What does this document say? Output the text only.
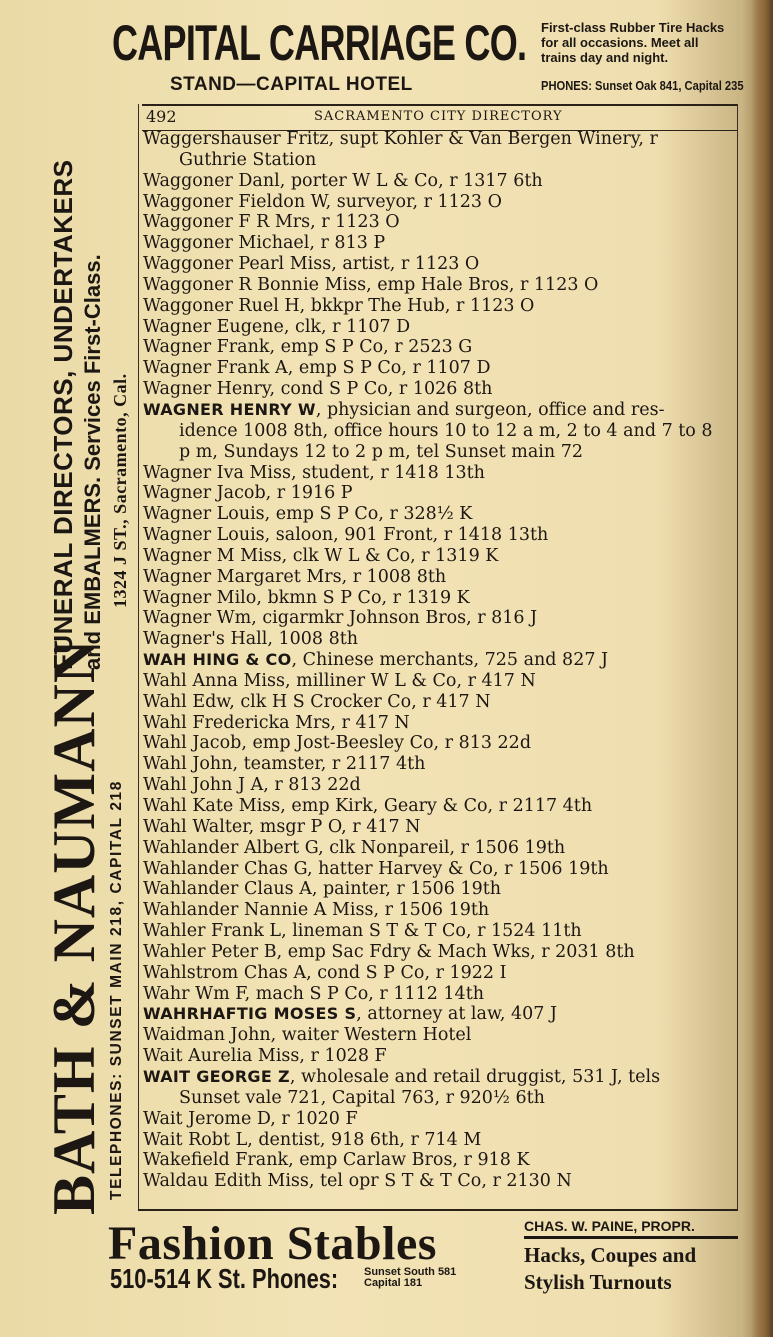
CAPITAL CARRIAGE CO.
STAND—CAPITAL HOTEL
First-class Rubber Tire Hacks
for all occasions. Meet all
trains day and night.
PHONES: Sunset Oak 841, Capital 235
492	SACRAMENTO CITY DIRECTORY
Waggershauser Fritz, supt Kohler & Van Bergen Winery, r
Guthrie Station
Waggoner Danl, porter W L & Co, r 1317 6th
Waggoner Fieldon W, surveyor, r 1123 O
Waggoner F R Mrs, r 1123 O
Waggoner Michael, r 813 P
Waggoner Pearl Miss, artist, r 1123 O
Waggoner R Bonnie Miss, emp Hale Bros, r 1123 O
Waggoner Ruel H, bkkpr The Hub, r 1123 O
Wagner Eugene, clk, r 1107 D
Wagner Frank, emp S P Co, r 2523 G
Wagner Frank A, emp S P Co, r 1107 D
Wagner Henry, cond S P Co, r 1026 8th
WAGNER HENRY W, physician and surgeon, office and res-
idence 1008 8th, office hours 10 to 12 a m, 2 to 4 and 7 to 8
p m, Sundays 12 to 2 p m, tel Sunset main 72
Wagner Iva Miss, student, r 1418 13th
Wagner Jacob, r 1916 P
Wagner Louis, emp S P Co, r 328½ K
Wagner Louis, saloon, 901 Front, r 1418 13th
Wagner M Miss, clk W L & Co, r 1319 K
Wagner Margaret Mrs, r 1008 8th
Wagner Milo, bkmn S P Co, r 1319 K
Wagner Wm, cigarmkr Johnson Bros, r 816 J
Wagner's Hall, 1008 8th
WAH HING & CO, Chinese merchants, 725 and 827 J
Wahl Anna Miss, milliner W L & Co, r 417 N
Wahl Edw, clk H S Crocker Co, r 417 N
Wahl Fredericka Mrs, r 417 N
Wahl Jacob, emp Jost-Beesley Co, r 813 22d
Wahl John, teamster, r 2117 4th
Wahl John J A, r 813 22d
Wahl Kate Miss, emp Kirk, Geary & Co, r 2117 4th
Wahl Walter, msgr P O, r 417 N
Wahlander Albert G, clk Nonpareil, r 1506 19th
Wahlander Chas G, hatter Harvey & Co, r 1506 19th
Wahlander Claus A, painter, r 1506 19th
Wahlander Nannie A Miss, r 1506 19th
Wahler Frank L, lineman S T & T Co, r 1524 11th
Wahler Peter B, emp Sac Fdry & Mach Wks, r 2031 8th
Wahlstrom Chas A, cond S P Co, r 1922 I
Wahr Wm F, mach S P Co, r 1112 14th
WAHRHAFTIG MOSES S, attorney at law, 407 J
Waidman John, waiter Western Hotel
Wait Aurelia Miss, r 1028 F
WAIT GEORGE Z, wholesale and retail druggist, 531 J, tels
Sunset vale 721, Capital 763, r 920½ 6th
Wait Jerome D, r 1020 F
Wait Robt L, dentist, 918 6th, r 714 M
Wakefield Frank, emp Carlaw Bros, r 918 K
Waldau Edith Miss, tel opr S T & T Co, r 2130 N
BATH & NAUMANN TELEPHONES: SUNSET MAIN 218, CAPITAL 218
FUNERAL DIRECTORS, UNDERTAKERS and EMBALMERS. Services First-Class. 1324 J ST., Sacramento, Cal.
Fashion Stables
510-514 K St. Phones: Sunset South 581
Capital 181
CHAS. W. PAINE, PROPR.
Hacks, Coupes and
Stylish Turnouts
